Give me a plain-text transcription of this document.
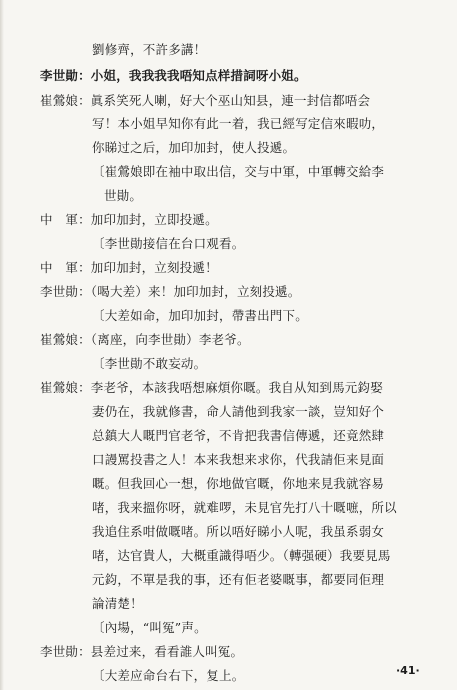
劉修齊，不許多講！
李世勛：小姐，我我我我唔知点样措詞呀小姐。
崔鶯娘：眞系笑死人喇，好大个巫山知县，連一封信都唔会
写！本小姐早知你有此一着，我已經写定信來暇叻，
你睇过之后，加印加封，使人投遞。
〔崔鶯娘即在袖中取出信，交与中軍，中軍轉交給李
世勛。
中　軍：加印加封，立即投遞。
〔李世勛接信在台口观看。
中　軍：加印加封，立刻投遞！
李世勛：（喝大差）来！加印加封，立刻投遞。
〔大差如命，加印加封，帶書出門下。
崔鶯娘：（离座，向李世勛）李老爷。
〔李世勛不敢妄动。
崔鶯娘：李老爷，本該我唔想麻煩你嘅。我自从知到馬元鈞娶
妻仍在，我就修書，命人請他到我家一談，豈知好个
总鎮大人嘅門官老爷，不肯把我書信傳遞，还竟然肆
口謾罵投書之人！本来我想来求你，代我請佢来見面
嘅。但我回心一想，你地做官嘅，你地来見我就容易
啫，我来搵你呀，就难啰，未見官先打八十嘅嗻，所以
我追住系咁做嘅啫。所以唔好睇小人呢，我虽系弱女
啫，达官貴人，大概重識得唔少。（轉强硬）我要見馬
元鈞，不單是我的事，还有佢老婆嘅事，都要同佢理
論清楚！
〔內場，“叫冤”声。
李世勛：县差过来，看看誰人叫冤。
〔大差应命台右下，复上。	·41·
